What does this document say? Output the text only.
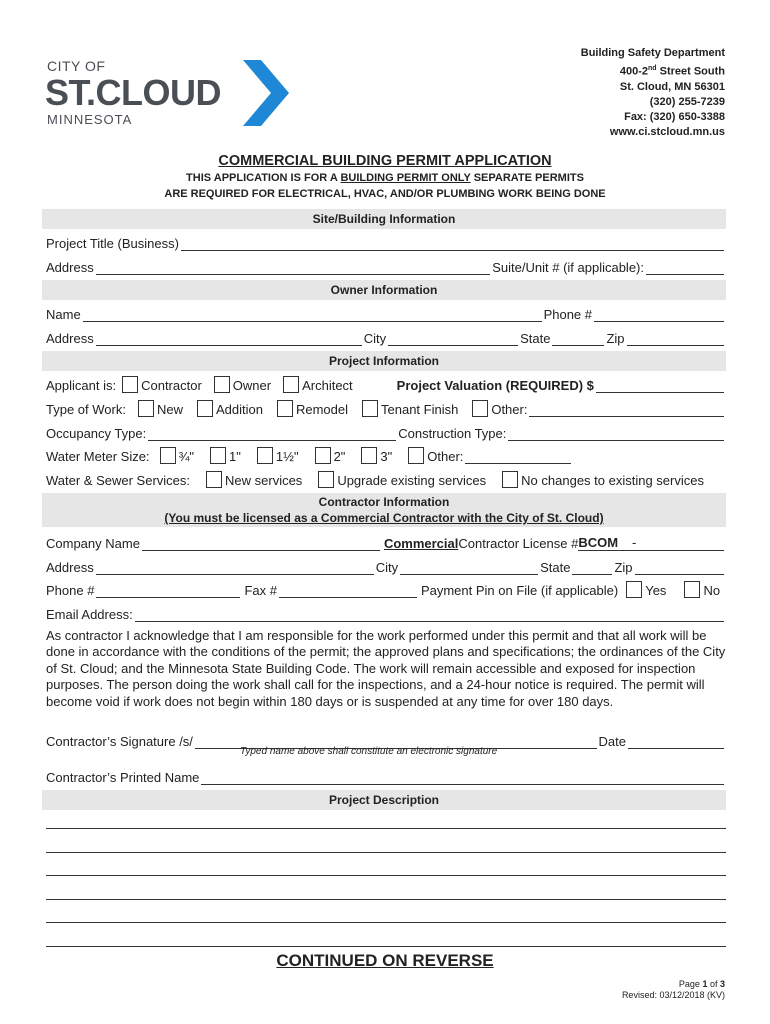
CITY OF
ST.CLOUD
MINNESOTA
Building Safety Department
400-2nd Street South
St. Cloud, MN 56301
(320) 255-7239
Fax: (320) 650-3388
www.ci.stcloud.mn.us
COMMERCIAL BUILDING PERMIT APPLICATION
THIS APPLICATION IS FOR A BUILDING PERMIT ONLY SEPARATE PERMITS
ARE REQUIRED FOR ELECTRICAL, HVAC, AND/OR PLUMBING WORK BEING DONE
Site/Building Information
Project Title (Business)
Address	Suite/Unit # (if applicable):
Owner Information
Name	Phone #
Address	City	State	Zip
Project Information
Applicant is: Contractor Owner Architect	Project Valuation (REQUIRED) $
Type of Work: New	Addition	Remodel	Tenant Finish	Other:
Occupancy Type:	Construction Type:
Water Meter Size: ¾"	1"	1½"	2"	3"	Other:
Water & Sewer Services:	New services	Upgrade existing services	No changes to existing services
Contractor Information
(You must be licensed as a Commercial Contractor with the City of St. Cloud)
Company Name	Commercial Contractor License # BCOM	-
Address	City	State	Zip
Phone #	Fax #	Payment Pin on File (if applicable) Yes	No
Email Address:
As contractor I acknowledge that I am responsible for the work performed under this permit and that all work will be done in accordance with the conditions of the permit; the approved plans and specifications; the ordinances of the City of St. Cloud; and the Minnesota State Building Code. The work will remain accessible and exposed for inspection purposes. The person doing the work shall call for the inspections, and a 24-hour notice is required. The permit will become void if work does not begin within 180 days or is suspended at any time for over 180 days.
Contractor’s Signature /s/	Date
Typed name above shall constitute an electronic signature
Contractor’s Printed Name
Project Description
CONTINUED ON REVERSE
Page 1 of 3
Revised: 03/12/2018 (KV)
